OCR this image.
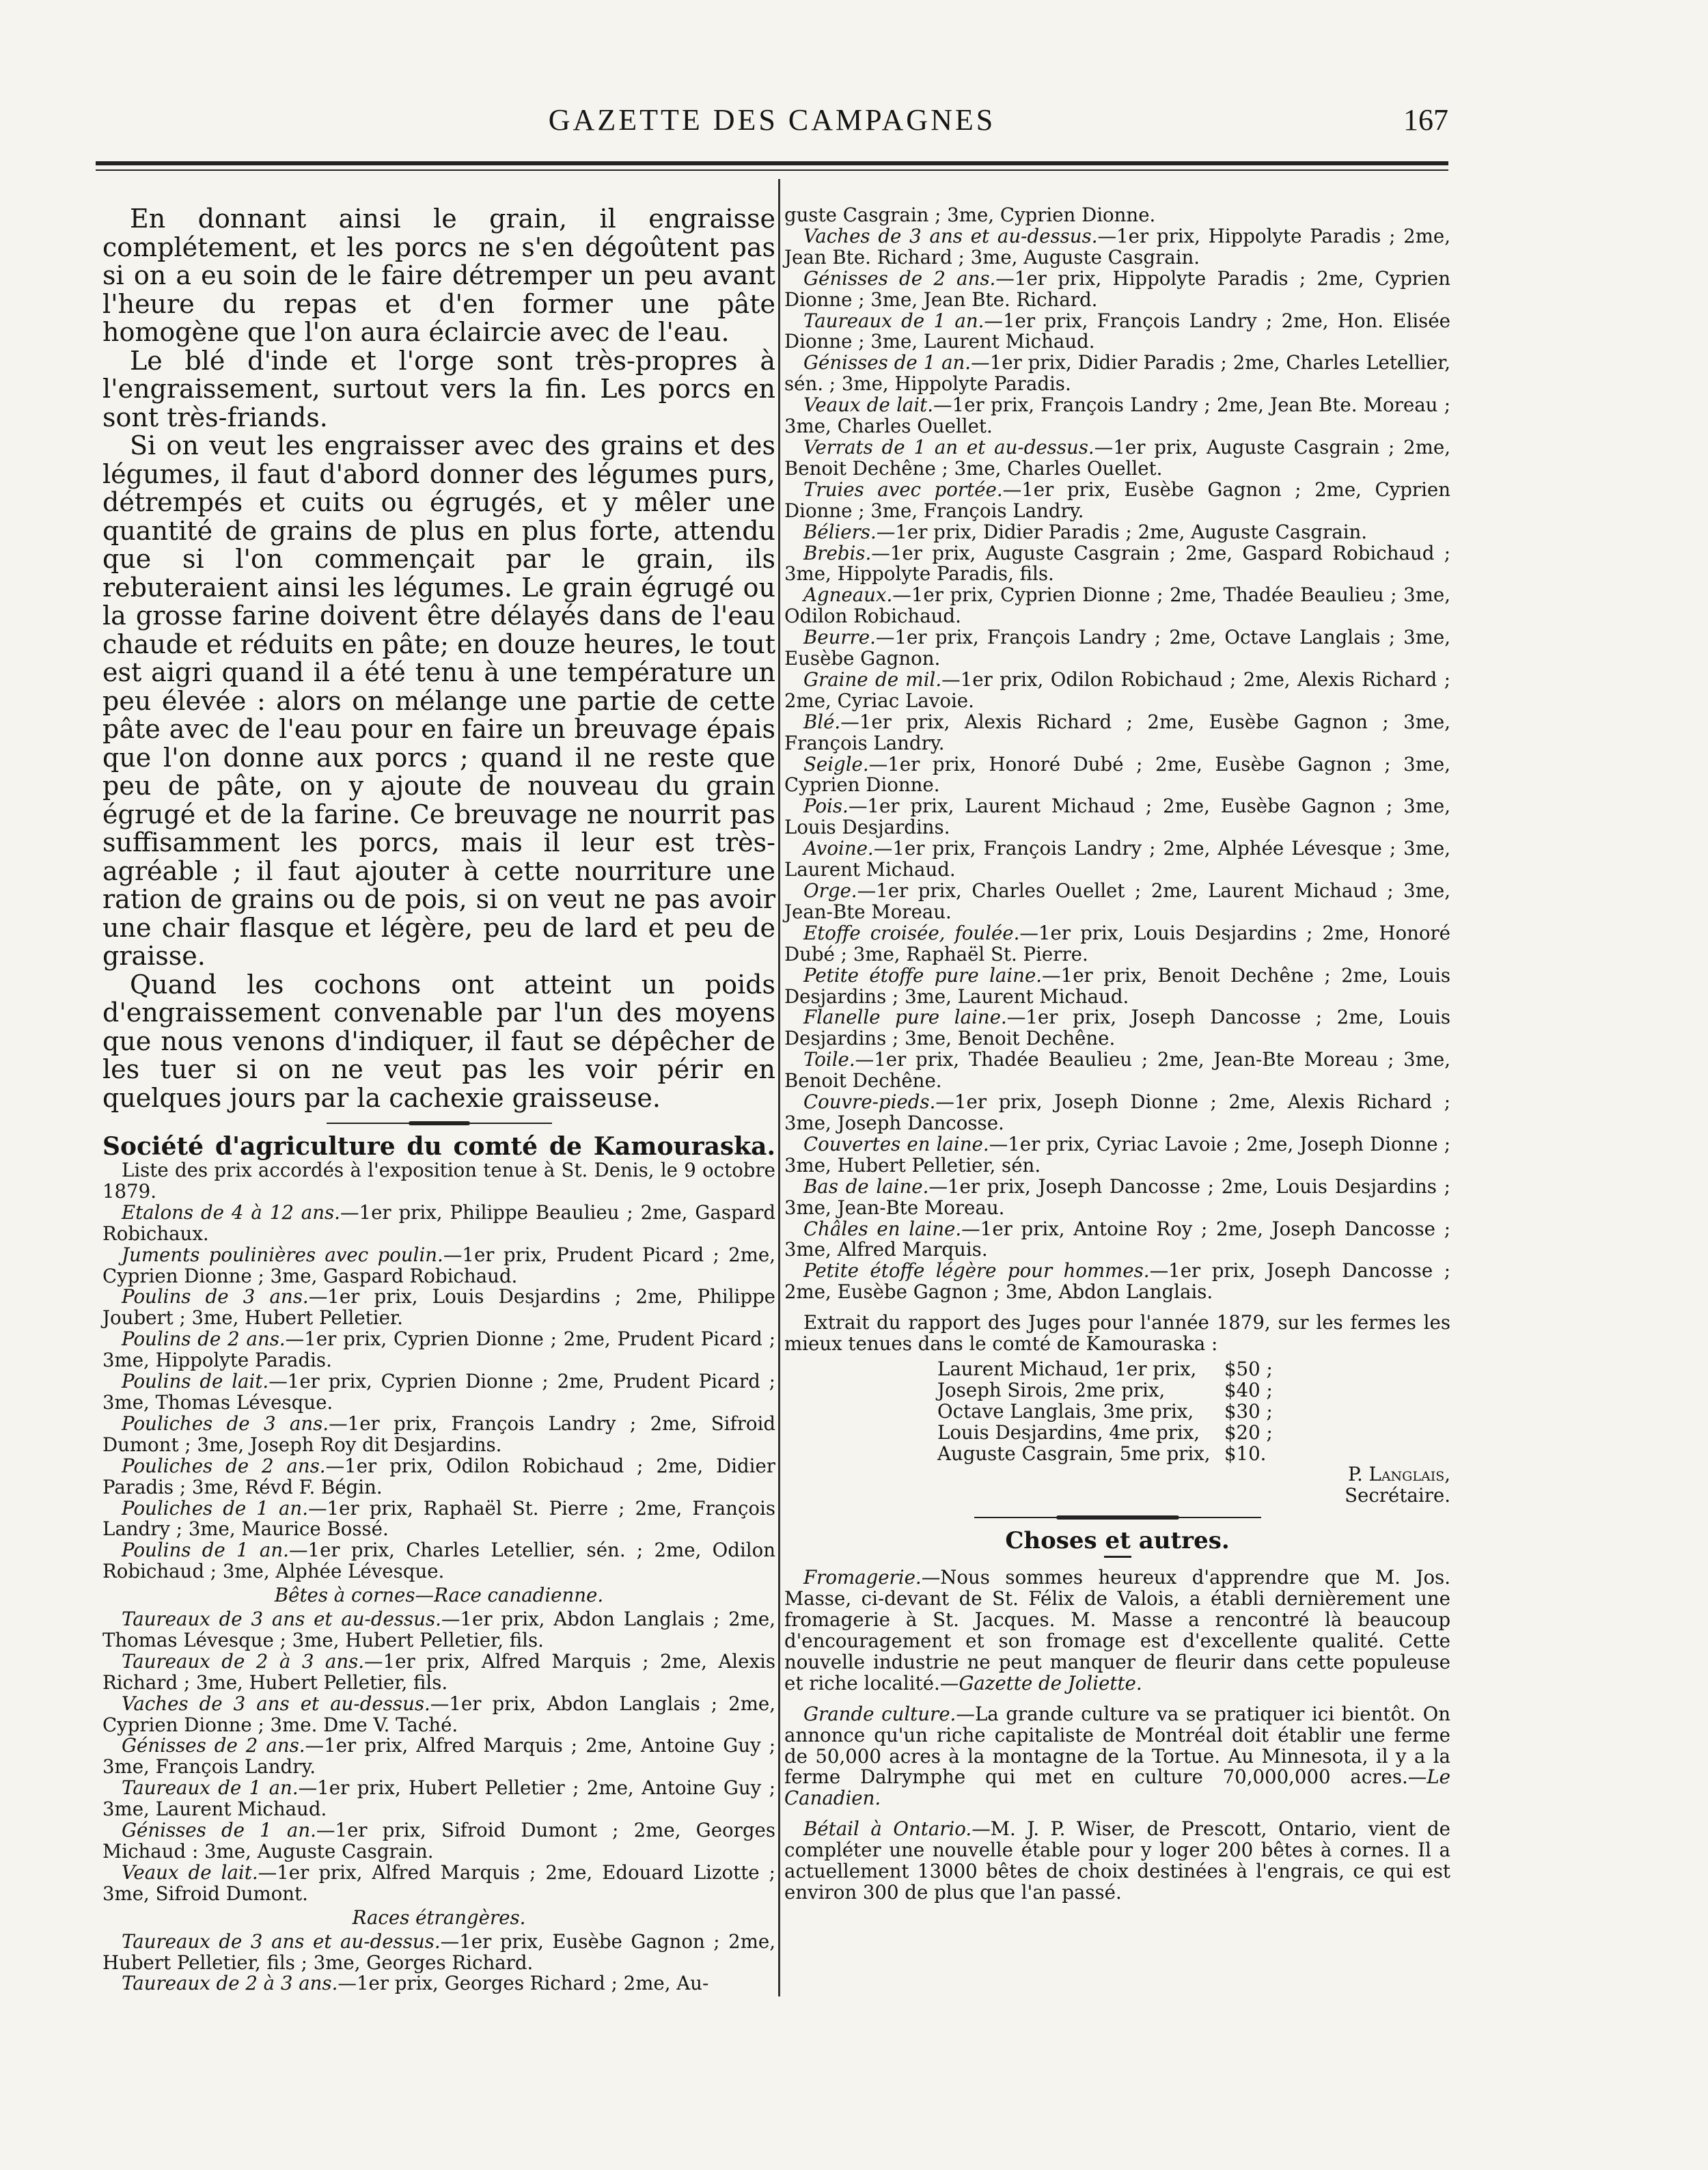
GAZETTE DES CAMPAGNES	167

En donnant ainsi le grain, il engraisse complétement, et les porcs ne s'en dégoûtent pas si on a eu soin de le faire détremper un peu avant l'heure du repas et d'en former une pâte homogène que l'on aura éclaircie avec de l'eau.

Le blé d'inde et l'orge sont très-propres à l'engraissement, surtout vers la fin. Les porcs en sont très-friands.

Si on veut les engraisser avec des grains et des légumes, il faut d'abord donner des légumes purs, détrempés et cuits ou égrugés, et y mêler une quantité de grains de plus en plus forte, attendu que si l'on commençait par le grain, ils rebuteraient ainsi les légumes. Le grain égrugé ou la grosse farine doivent être délayés dans de l'eau chaude et réduits en pâte; en douze heures, le tout est aigri quand il a été tenu à une température un peu élevée : alors on mélange une partie de cette pâte avec de l'eau pour en faire un breuvage épais que l'on donne aux porcs ; quand il ne reste que peu de pâte, on y ajoute de nouveau du grain égrugé et de la farine. Ce breuvage ne nourrit pas suffisamment les porcs, mais il leur est très-agréable ; il faut ajouter à cette nourriture une ration de grains ou de pois, si on veut ne pas avoir une chair flasque et légère, peu de lard et peu de graisse.

Quand les cochons ont atteint un poids d'engraissement convenable par l'un des moyens que nous venons d'indiquer, il faut se dépêcher de les tuer si on ne veut pas les voir périr en quelques jours par la cachexie graisseuse.

Société d'agriculture du comté de Kamouraska.

Liste des prix accordés à l'exposition tenue à St. Denis, le 9 octobre 1879.

Etalons de 4 à 12 ans.—1er prix, Philippe Beaulieu ; 2me, Gaspard Robichaux.

Juments poulinières avec poulin.—1er prix, Prudent Picard ; 2me, Cyprien Dionne ; 3me, Gaspard Robichaud.

Poulins de 3 ans.—1er prix, Louis Desjardins ; 2me, Philippe Joubert ; 3me, Hubert Pelletier.

Poulins de 2 ans.—1er prix, Cyprien Dionne ; 2me, Prudent Picard ; 3me, Hippolyte Paradis.

Poulins de lait.—1er prix, Cyprien Dionne ; 2me, Prudent Picard ; 3me, Thomas Lévesque.

Pouliches de 3 ans.—1er prix, François Landry ; 2me, Sifroid Dumont ; 3me, Joseph Roy dit Desjardins.

Pouliches de 2 ans.—1er prix, Odilon Robichaud ; 2me, Didier Paradis ; 3me, Révd F. Bégin.

Pouliches de 1 an.—1er prix, Raphaël St. Pierre ; 2me, François Landry ; 3me, Maurice Bossé.

Poulins de 1 an.—1er prix, Charles Letellier, sén. ; 2me, Odilon Robichaud ; 3me, Alphée Lévesque.

Bêtes à cornes—Race canadienne.

Taureaux de 3 ans et au-dessus.—1er prix, Abdon Langlais ; 2me, Thomas Lévesque ; 3me, Hubert Pelletier, fils.

Taureaux de 2 à 3 ans.—1er prix, Alfred Marquis ; 2me, Alexis Richard ; 3me, Hubert Pelletier, fils.

Vaches de 3 ans et au-dessus.—1er prix, Abdon Langlais ; 2me, Cyprien Dionne ; 3me. Dme V. Taché.

Génisses de 2 ans.—1er prix, Alfred Marquis ; 2me, Antoine Guy ; 3me, François Landry.

Taureaux de 1 an.—1er prix, Hubert Pelletier ; 2me, Antoine Guy ; 3me, Laurent Michaud.

Génisses de 1 an.—1er prix, Sifroid Dumont ; 2me, Georges Michaud : 3me, Auguste Casgrain.

Veaux de lait.—1er prix, Alfred Marquis ; 2me, Edouard Lizotte ; 3me, Sifroid Dumont.

Races étrangères.

Taureaux de 3 ans et au-dessus.—1er prix, Eusèbe Gagnon ; 2me, Hubert Pelletier, fils ; 3me, Georges Richard.

Taureaux de 2 à 3 ans.—1er prix, Georges Richard ; 2me, Au-

guste Casgrain ; 3me, Cyprien Dionne.

Vaches de 3 ans et au-dessus.—1er prix, Hippolyte Paradis ; 2me, Jean Bte. Richard ; 3me, Auguste Casgrain.

Génisses de 2 ans.—1er prix, Hippolyte Paradis ; 2me, Cyprien Dionne ; 3me, Jean Bte. Richard.

Taureaux de 1 an.—1er prix, François Landry ; 2me, Hon. Elisée Dionne ; 3me, Laurent Michaud.

Génisses de 1 an.—1er prix, Didier Paradis ; 2me, Charles Letellier, sén. ; 3me, Hippolyte Paradis.

Veaux de lait.—1er prix, François Landry ; 2me, Jean Bte. Moreau ; 3me, Charles Ouellet.

Verrats de 1 an et au-dessus.—1er prix, Auguste Casgrain ; 2me, Benoit Dechêne ; 3me, Charles Ouellet.

Truies avec portée.—1er prix, Eusèbe Gagnon ; 2me, Cyprien Dionne ; 3me, François Landry.

Béliers.—1er prix, Didier Paradis ; 2me, Auguste Casgrain.

Brebis.—1er prix, Auguste Casgrain ; 2me, Gaspard Robichaud ; 3me, Hippolyte Paradis, fils.

Agneaux.—1er prix, Cyprien Dionne ; 2me, Thadée Beaulieu ; 3me, Odilon Robichaud.

Beurre.—1er prix, François Landry ; 2me, Octave Langlais ; 3me, Eusèbe Gagnon.

Graine de mil.—1er prix, Odilon Robichaud ; 2me, Alexis Richard ; 2me, Cyriac Lavoie.

Blé.—1er prix, Alexis Richard ; 2me, Eusèbe Gagnon ; 3me, François Landry.

Seigle.—1er prix, Honoré Dubé ; 2me, Eusèbe Gagnon ; 3me, Cyprien Dionne.

Pois.—1er prix, Laurent Michaud ; 2me, Eusèbe Gagnon ; 3me, Louis Desjardins.

Avoine.—1er prix, François Landry ; 2me, Alphée Lévesque ; 3me, Laurent Michaud.

Orge.—1er prix, Charles Ouellet ; 2me, Laurent Michaud ; 3me, Jean-Bte Moreau.

Etoffe croisée, foulée.—1er prix, Louis Desjardins ; 2me, Honoré Dubé ; 3me, Raphaël St. Pierre.

Petite étoffe pure laine.—1er prix, Benoit Dechêne ; 2me, Louis Desjardins ; 3me, Laurent Michaud.

Flanelle pure laine.—1er prix, Joseph Dancosse ; 2me, Louis Desjardins ; 3me, Benoit Dechêne.

Toile.—1er prix, Thadée Beaulieu ; 2me, Jean-Bte Moreau ; 3me, Benoit Dechêne.

Couvre-pieds.—1er prix, Joseph Dionne ; 2me, Alexis Richard ; 3me, Joseph Dancosse.

Couvertes en laine.—1er prix, Cyriac Lavoie ; 2me, Joseph Dionne ; 3me, Hubert Pelletier, sén.

Bas de laine.—1er prix, Joseph Dancosse ; 2me, Louis Desjardins ; 3me, Jean-Bte Moreau.

Châles en laine.—1er prix, Antoine Roy ; 2me, Joseph Dancosse ; 3me, Alfred Marquis.

Petite étoffe légère pour hommes.—1er prix, Joseph Dancosse ; 2me, Eusèbe Gagnon ; 3me, Abdon Langlais.

Extrait du rapport des Juges pour l'année 1879, sur les fermes les mieux tenues dans le comté de Kamouraska :

Laurent Michaud, 1er prix,	$50 ;
Joseph Sirois, 2me prix,	$40 ;
Octave Langlais, 3me prix,	$30 ;
Louis Desjardins, 4me prix,	$20 ;
Auguste Casgrain, 5me prix, $10.

P. Langlais,

Secrétaire.

Choses et autres.

Fromagerie.—Nous sommes heureux d'apprendre que M. Jos. Masse, ci-devant de St. Félix de Valois, a établi dernièrement une fromagerie à St. Jacques. M. Masse a rencontré là beaucoup d'encouragement et son fromage est d'excellente qualité. Cette nouvelle industrie ne peut manquer de fleurir dans cette populeuse et riche localité.—Gazette de Joliette.

Grande culture.—La grande culture va se pratiquer ici bientôt. On annonce qu'un riche capitaliste de Montréal doit établir une ferme de 50,000 acres à la montagne de la Tortue. Au Minnesota, il y a la ferme Dalrymphe qui met en culture 70,000,000 acres.—Le Canadien.

Bétail à Ontario.—M. J. P. Wiser, de Prescott, Ontario, vient de compléter une nouvelle étable pour y loger 200 bêtes à cornes. Il a actuellement 13000 bêtes de choix destinées à l'engrais, ce qui est environ 300 de plus que l'an passé.
